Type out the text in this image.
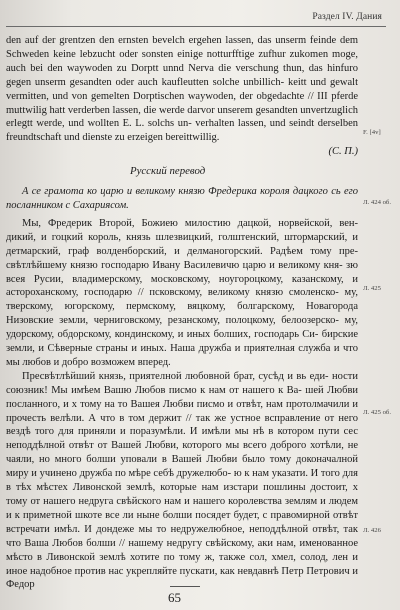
Раздел IV. Дания

den auf der grentzen den ernsten bevelch ergehen lassen, das unserm feinde dem Schweden keine lebzucht oder sonsten einige notturfftige zufhur zukomen moge, auch bei den waywoden zu Dorptt unnd Nerva die verschung thun, das hinfuro gegen unserm gesandten oder auch kaufleutten solche unbillich- keitt und gewalt vermitten, und von gemelten Dorptischen waywoden, der obgedachte // III pferde muttwilig hatt verderben lassen, die werde darvor unserem gesandten unvertzuglich erlegtt werde, und wollten E. L. solchs un- verhalten lassen, und seindt derselben freundtschaft und dienste zu erzeigen bereittwillig.

(С. П.)

Русский перевод

А се грамота ко царю и великому князю Фредерика короля дацкого сь его посланником с Сахариясом.

Мы, Фредерик Второй, Божиею милостию дацкой, норвейской, вен- дикий, и гоцкий король, князь шлезвицкий, голштенский, штормарский, и детмарский, граф волденборский, и делманогорский. Радѣем тому пре- свѣтлѣйшему князю господарю Ивану Василевичю царю и великому кня- зю всея Русии, владимерскому, московскому, ноугороцкому, казанскому, и астороханскому, господарю // псковскому, великому князю смоленско- му, тверскому, югорскому, пермскому, вяцкому, болгарскому, Новагорода Низовские земли, черниговскому, резанскому, полоцкому, белоозерско- му, удорскому, обдорскому, кондинскому, и иных болших, господарь Си- бирские земли, и Сѣверные страны и иных. Наша дружба и приятелная служба и что мы любов и добро возможем вперед.

Пресвѣтлѣйший князь, приятелной любовной брат, сусѣд и вь еди- ности союзник! Мы имѣем Вашю Любов писмо к нам от нашего к Ва- шей Любви посланного, и х тому на то Вашея Любви писмо и отвѣт, нам протолмачили и прочесть велѣли. А что в том держит // так же устное всправление от него вездѣ того для приняли и поразумѣли. И имѣли мы нѣ в котором пути сес неподдѣлной отвѣт от Вашей Любви, которого мы всего доброго хотѣли, не чаяли, но много болши уповали в Вашей Любви было тому доконачалной миру и учинено дружба по мѣре себѣ дружелюбо- ю к нам указати. И того для в тѣх мѣстех Ливонской землѣ, которые нам изстари пошлины достоит, х тому от нашего недруга свѣйского нам и нашего королевства землям и людем и к приметной шкоте все ли ныне болши посядет будет, с правомирной отвѣт встречати имѣл. И дондеже мы то недружелюбное, неподдѣлной отвѣт, так что Ваша Любов болши // нашему недругу свѣйскому, аки нам, именованное мѣсто в Ливонской землѣ хотите по тому ж, также сол, хмел, солод, лен и иное надобное против нас укрепляйте пускати, как невдавнѣ Петр Петрович и Федор

F. [4v]
Л. 424 об.
Л. 425
Л. 425 об.
Л. 426
65
